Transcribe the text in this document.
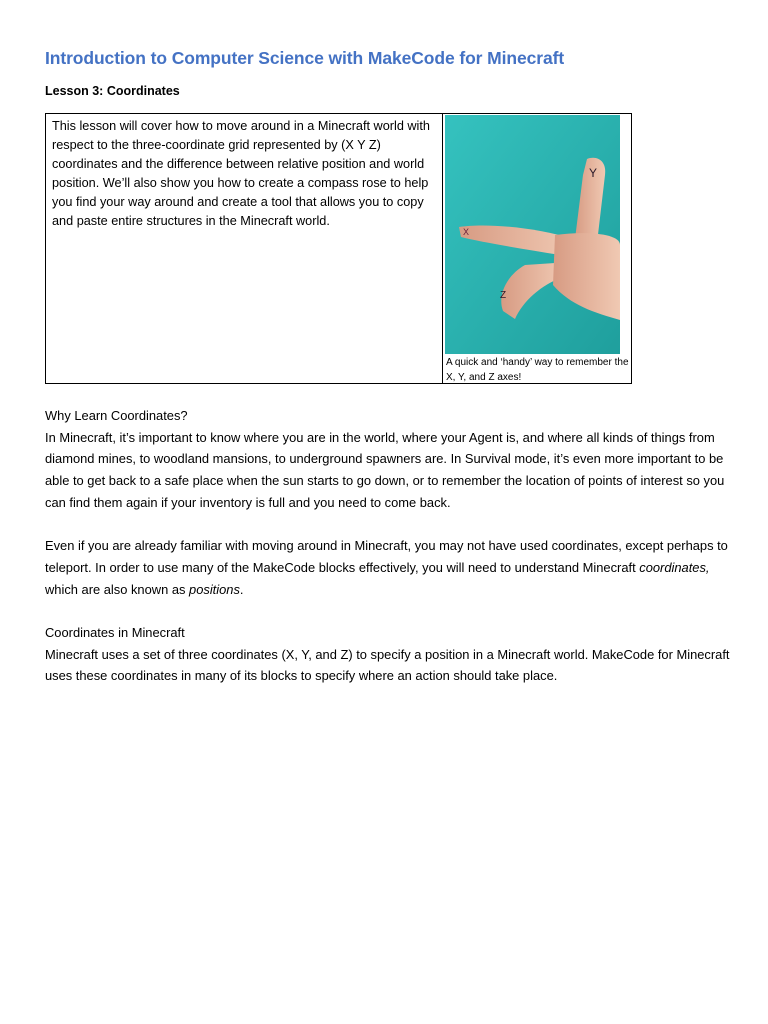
Introduction to Computer Science with MakeCode for Minecraft
Lesson 3: Coordinates
This lesson will cover how to move around in a Minecraft world with respect to the three-coordinate grid represented by (X Y Z) coordinates and the difference between relative position and world position. We’ll also show you how to create a compass rose to help you find your way around and create a tool that allows you to copy and paste entire structures in the Minecraft world.
X
Y
Z
A quick and ‘handy’ way to remember the X, Y, and Z axes!

Why Learn Coordinates?

In Minecraft, it’s important to know where you are in the world, where your Agent is, and where all kinds of things from diamond mines, to woodland mansions, to underground spawners are. In Survival mode, it’s even more important to be able to get back to a safe place when the sun starts to go down, or to remember the location of points of interest so you can find them again if your inventory is full and you need to come back.

Even if you are already familiar with moving around in Minecraft, you may not have used coordinates, except perhaps to teleport. In order to use many of the MakeCode blocks effectively, you will need to understand Minecraft coordinates, which are also known as positions.

Coordinates in Minecraft

Minecraft uses a set of three coordinates (X, Y, and Z) to specify a position in a Minecraft world. MakeCode for Minecraft uses these coordinates in many of its blocks to specify where an action should take place.
